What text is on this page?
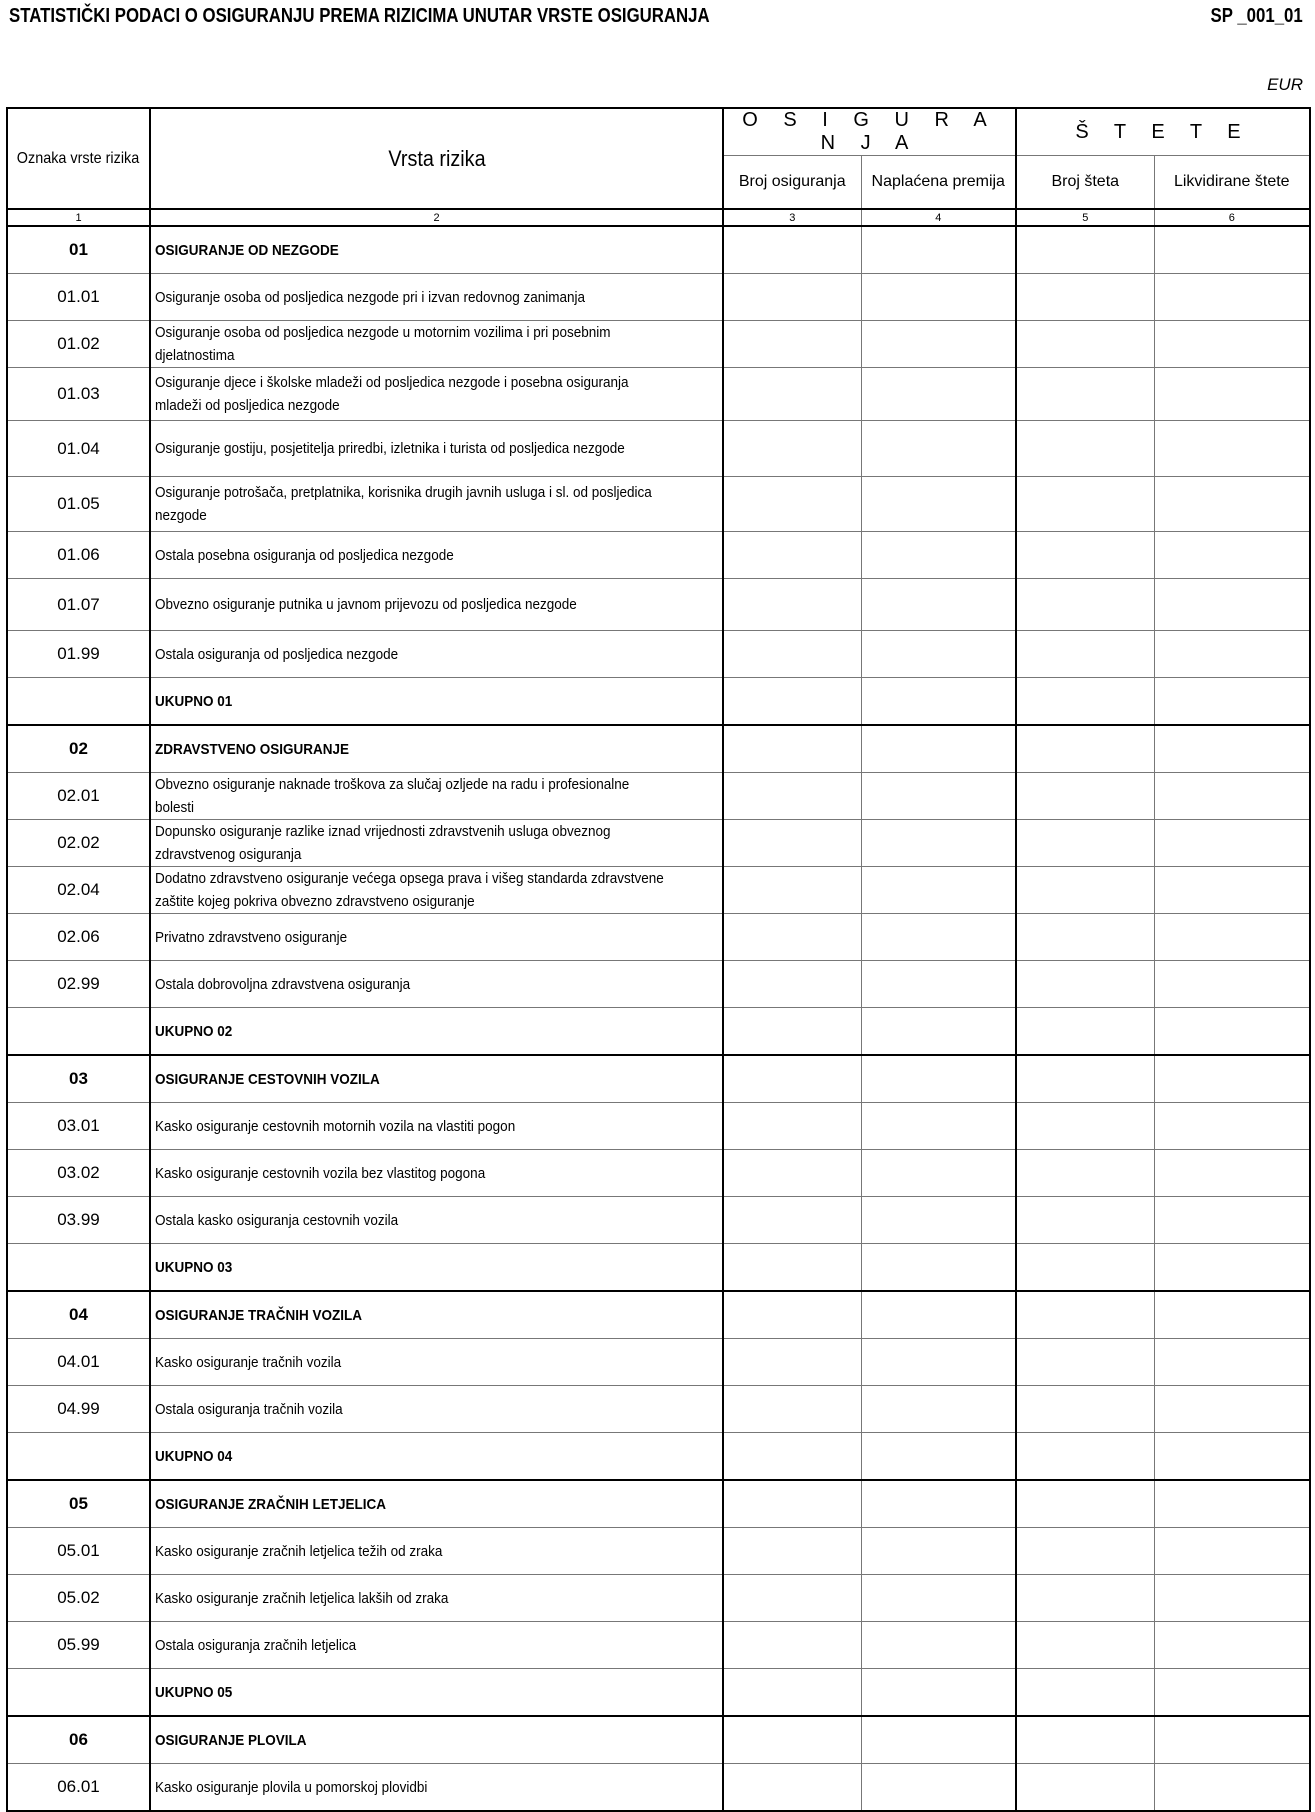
STATISTIČKI PODACI O OSIGURANJU PREMA RIZICIMA UNUTAR VRSTE OSIGURANJA	SP _001_01
EUR
Oznaka vrste rizika	Vrsta rizika	O S I G U R A N J A		Š T E T E	
		Broj osiguranja	Naplaćena premija	Broj šteta	Likvidirane štete
1	2	3	4	5	6
01	OSIGURANJE OD NEZGODE				
01.01	Osiguranje osoba od posljedica nezgode pri i izvan redovnog zanimanja				
01.02	Osiguranje osoba od posljedica nezgode u motornim vozilima i pri posebnim djelatnostima				
01.03	Osiguranje djece i školske mladeži od posljedica nezgode i posebna osiguranja mladeži od posljedica nezgode				
01.04	Osiguranje gostiju, posjetitelja priredbi, izletnika i turista od posljedica nezgode				
01.05	Osiguranje potrošača, pretplatnika, korisnika drugih javnih usluga i sl. od posljedica nezgode				
01.06	Ostala posebna osiguranja od posljedica nezgode				
01.07	Obvezno osiguranje putnika u javnom prijevozu od posljedica nezgode				
01.99	Ostala osiguranja od posljedica nezgode				
	UKUPNO 01				
02	ZDRAVSTVENO OSIGURANJE				
02.01	Obvezno osiguranje naknade troškova za slučaj ozljede na radu i profesionalne bolesti				
02.02	Dopunsko osiguranje razlike iznad vrijednosti zdravstvenih usluga obveznog zdravstvenog osiguranja				
02.04	Dodatno zdravstveno osiguranje većega opsega prava i višeg standarda zdravstvene zaštite kojeg pokriva obvezno zdravstveno osiguranje				
02.06	Privatno zdravstveno osiguranje				
02.99	Ostala dobrovoljna zdravstvena osiguranja				
	UKUPNO 02				
03	OSIGURANJE CESTOVNIH VOZILA				
03.01	Kasko osiguranje cestovnih motornih vozila na vlastiti pogon				
03.02	Kasko osiguranje cestovnih vozila bez vlastitog pogona				
03.99	Ostala kasko osiguranja cestovnih vozila				
	UKUPNO 03				
04	OSIGURANJE TRAČNIH VOZILA				
04.01	Kasko osiguranje tračnih vozila				
04.99	Ostala osiguranja tračnih vozila				
	UKUPNO 04				
05	OSIGURANJE ZRAČNIH LETJELICA				
05.01	Kasko osiguranje zračnih letjelica težih od zraka				
05.02	Kasko osiguranje zračnih letjelica lakših od zraka				
05.99	Ostala osiguranja zračnih letjelica				
	UKUPNO 05				
06	OSIGURANJE PLOVILA				
06.01	Kasko osiguranje plovila u pomorskoj plovidbi				
